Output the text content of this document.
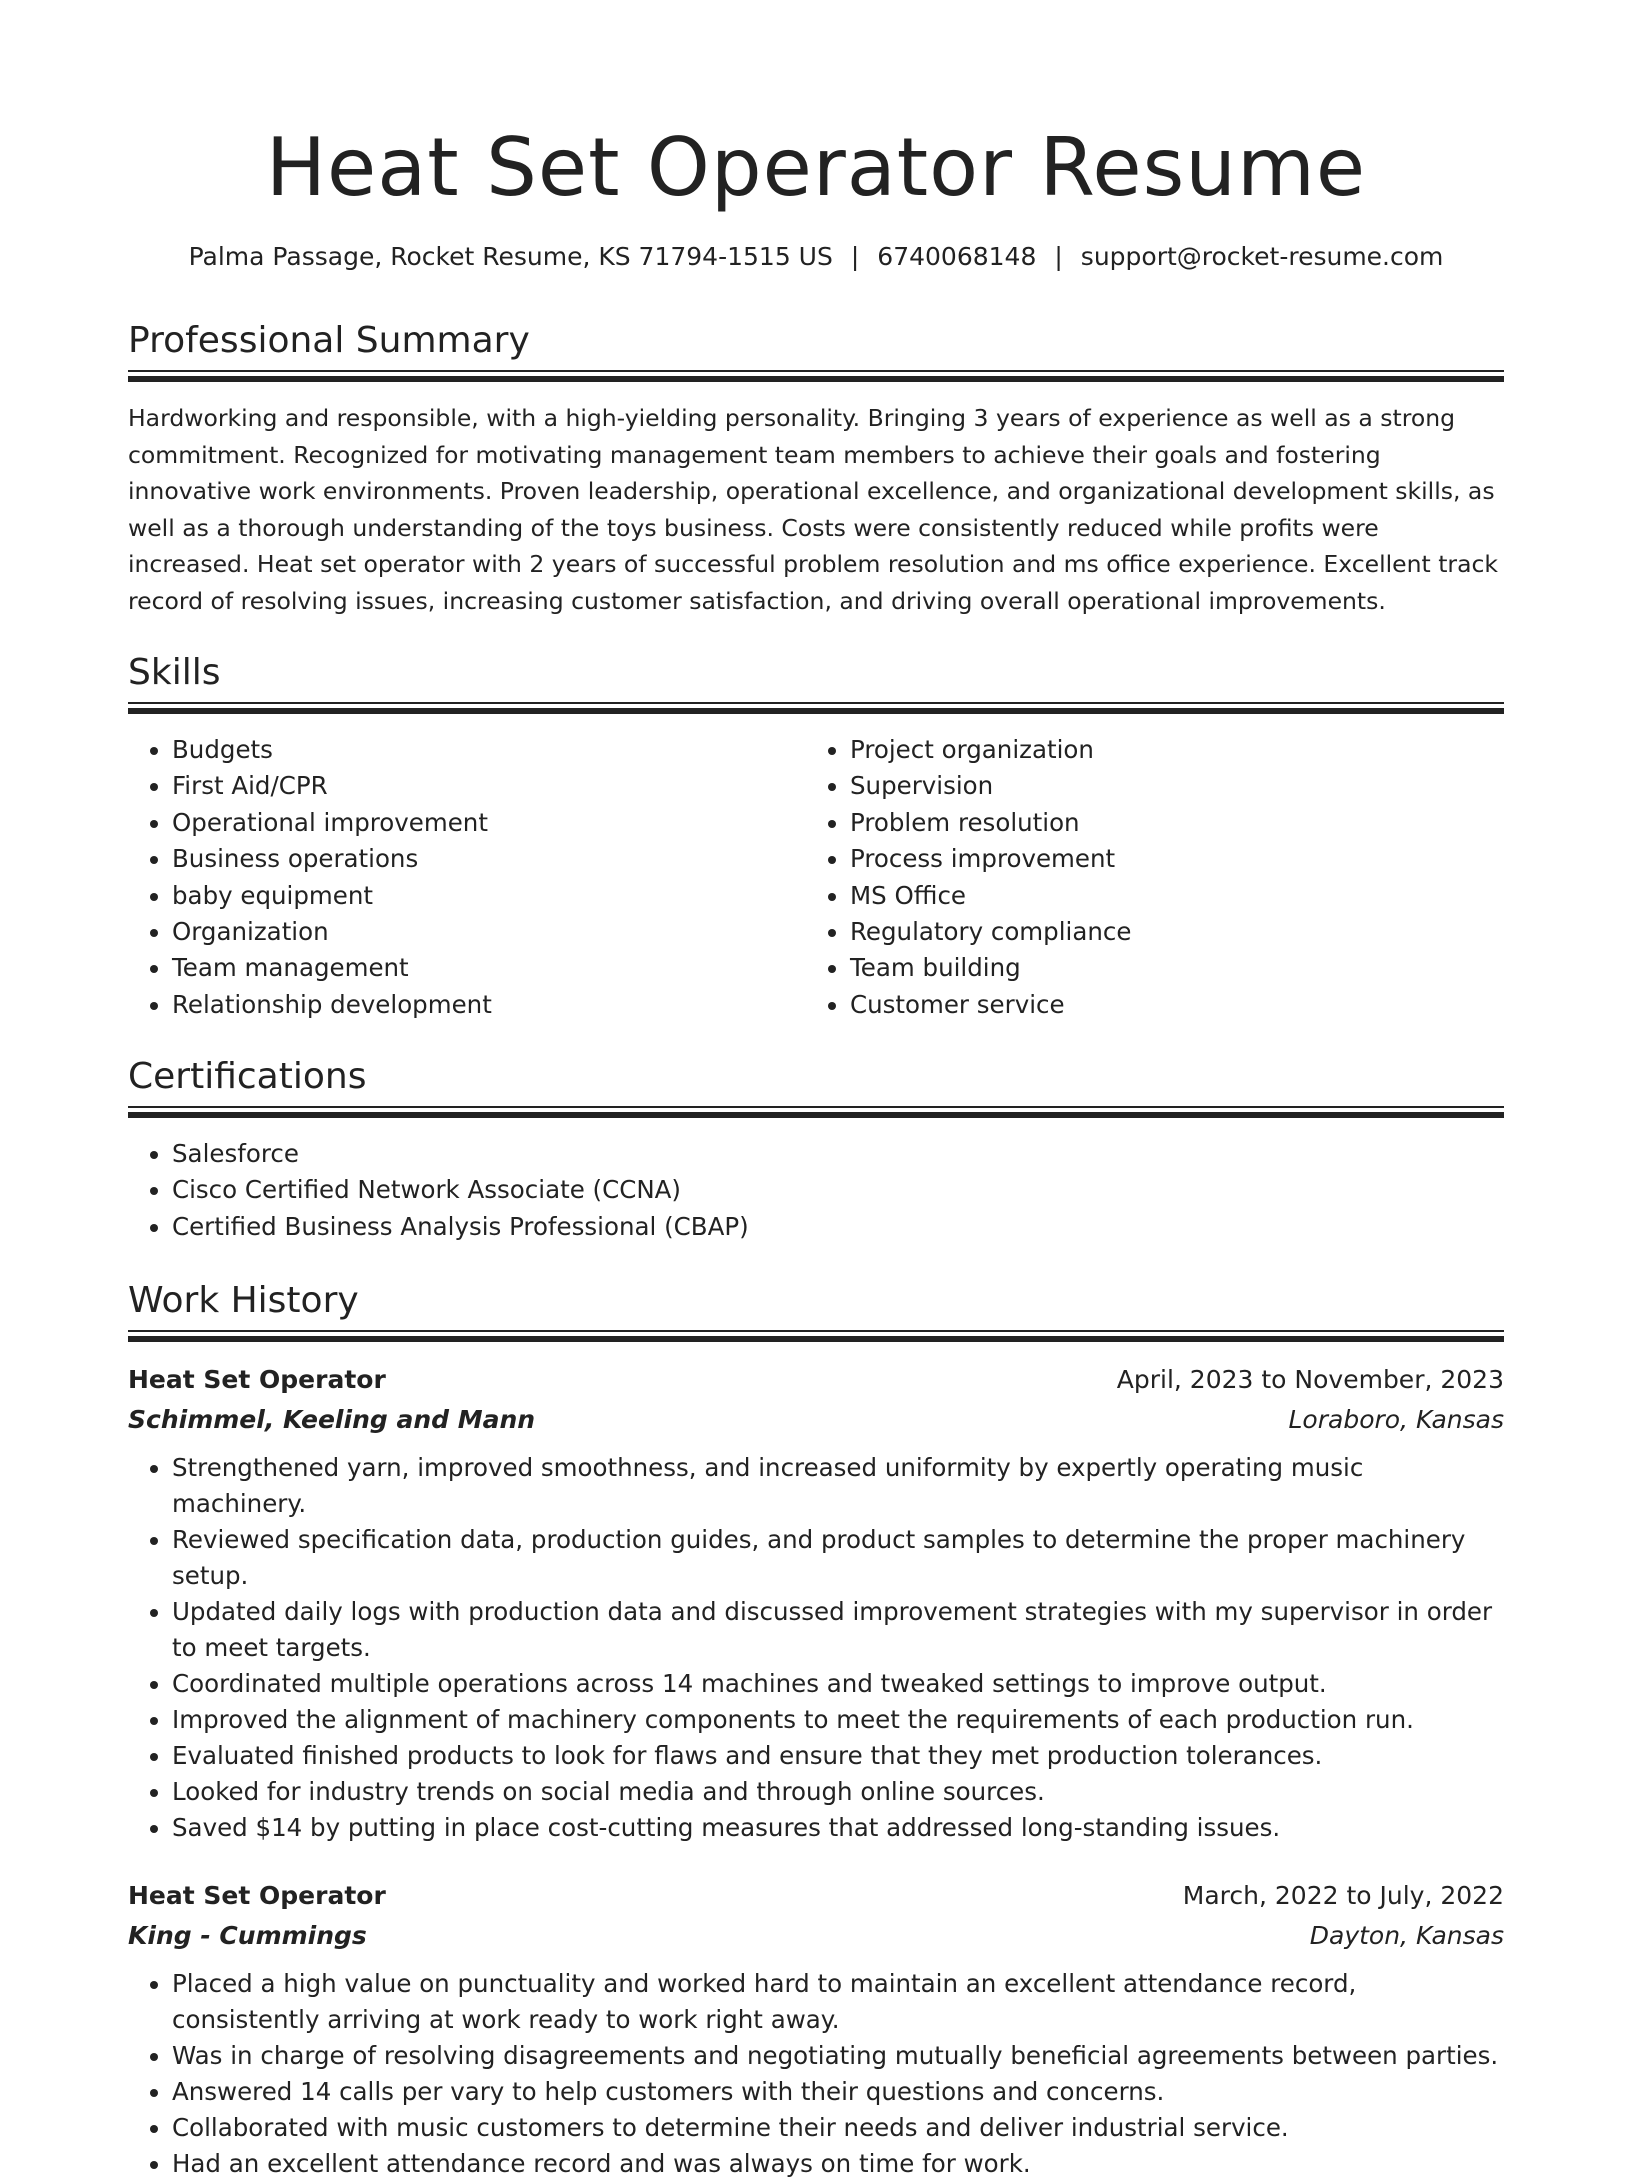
Heat Set Operator Resume
Palma Passage, Rocket Resume, KS 71794-1515 US | 6740068148 | support@rocket-resume.com
Professional Summary

Hardworking and responsible, with a high-yielding personality. Bringing 3 years of experience as well as a strong commitment. Recognized for motivating management team members to achieve their goals and fostering innovative work environments. Proven leadership, operational excellence, and organizational development skills, as well as a thorough understanding of the toys business. Costs were consistently reduced while profits were increased. Heat set operator with 2 years of successful problem resolution and ms office experience. Excellent track record of resolving issues, increasing customer satisfaction, and driving overall operational improvements.

Skills
• Budgets
• First Aid/CPR
• Operational improvement
• Business operations
• baby equipment
• Organization
• Team management
• Relationship development
• Project organization
• Supervision
• Problem resolution
• Process improvement
• MS Office
• Regulatory compliance
• Team building
• Customer service
Certifications
• Salesforce
• Cisco Certified Network Associate (CCNA)
• Certified Business Analysis Professional (CBAP)
Work History
Heat Set Operator	April, 2023 to November, 2023
Schimmel, Keeling and Mann	Loraboro, Kansas
• Strengthened yarn, improved smoothness, and increased uniformity by expertly operating music machinery.
• Reviewed specification data, production guides, and product samples to determine the proper machinery setup.
• Updated daily logs with production data and discussed improvement strategies with my supervisor in order to meet targets.
• Coordinated multiple operations across 14 machines and tweaked settings to improve output.
• Improved the alignment of machinery components to meet the requirements of each production run.
• Evaluated finished products to look for flaws and ensure that they met production tolerances.
• Looked for industry trends on social media and through online sources.
• Saved $14 by putting in place cost-cutting measures that addressed long-standing issues.
Heat Set Operator	March, 2022 to July, 2022
King - Cummings	Dayton, Kansas
• Placed a high value on punctuality and worked hard to maintain an excellent attendance record, consistently arriving at work ready to work right away.
• Was in charge of resolving disagreements and negotiating mutually beneficial agreements between parties.
• Answered 14 calls per vary to help customers with their questions and concerns.
• Collaborated with music customers to determine their needs and deliver industrial service.
• Had an excellent attendance record and was always on time for work.
